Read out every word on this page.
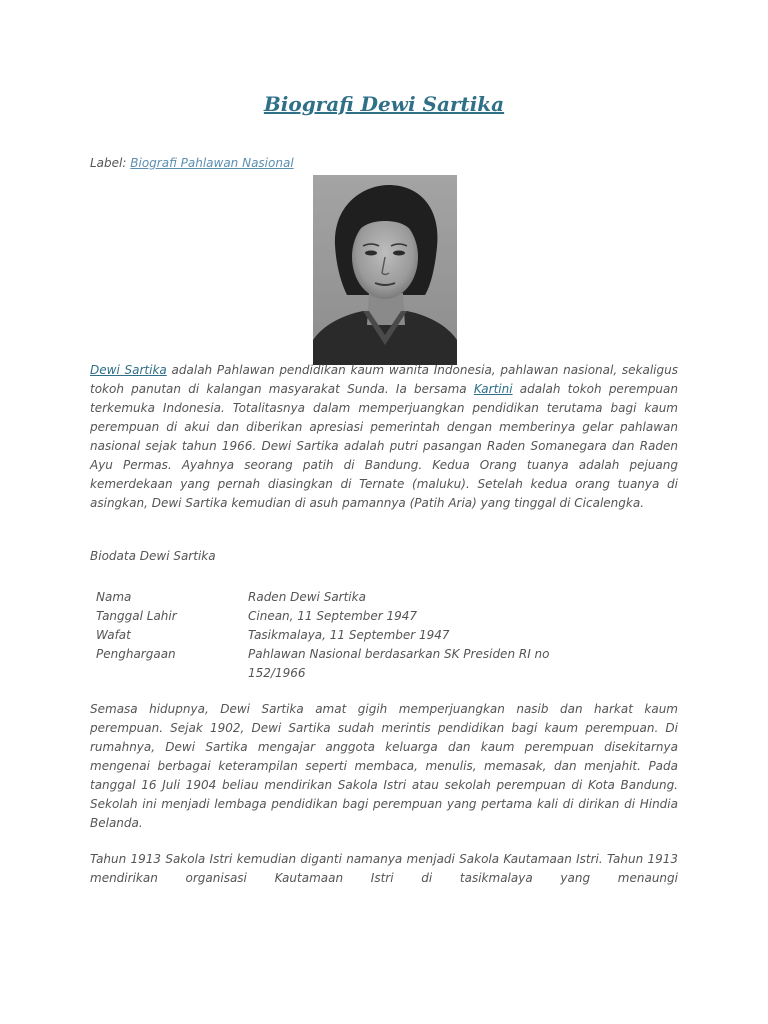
Biografi Dewi Sartika
Label: Biografi Pahlawan Nasional

Dewi Sartika adalah Pahlawan pendidikan kaum wanita Indonesia, pahlawan nasional, sekaligus tokoh panutan di kalangan masyarakat Sunda. Ia bersama Kartini adalah tokoh perempuan terkemuka Indonesia. Totalitasnya dalam memperjuangkan pendidikan terutama bagi kaum perempuan di akui dan diberikan apresiasi pemerintah dengan memberinya gelar pahlawan nasional sejak tahun 1966. Dewi Sartika adalah putri pasangan Raden Somanegara dan Raden Ayu Permas. Ayahnya seorang patih di Bandung. Kedua Orang tuanya adalah pejuang kemerdekaan yang pernah diasingkan di Ternate (maluku). Setelah kedua orang tuanya di asingkan, Dewi Sartika kemudian di asuh pamannya (Patih Aria) yang tinggal di Cicalengka.

Biodata Dewi Sartika
Nama	Raden Dewi Sartika
Tanggal Lahir	Cinean, 11 September 1947
Wafat	Tasikmalaya, 11 September 1947
Penghargaan	Pahlawan Nasional berdasarkan SK Presiden RI no 152/1966

Semasa hidupnya, Dewi Sartika amat gigih memperjuangkan nasib dan harkat kaum perempuan. Sejak 1902, Dewi Sartika sudah merintis pendidikan bagi kaum perempuan. Di rumahnya, Dewi Sartika mengajar anggota keluarga dan kaum perempuan disekitarnya mengenai berbagai keterampilan seperti membaca, menulis, memasak, dan menjahit. Pada tanggal 16 Juli 1904 beliau mendirikan Sakola Istri atau sekolah perempuan di Kota Bandung. Sekolah ini menjadi lembaga pendidikan bagi perempuan yang pertama kali di dirikan di Hindia Belanda.

Tahun 1913 Sakola Istri kemudian diganti namanya menjadi Sakola Kautamaan Istri. Tahun 1913 mendirikan organisasi Kautamaan Istri di tasikmalaya yang menaungi
